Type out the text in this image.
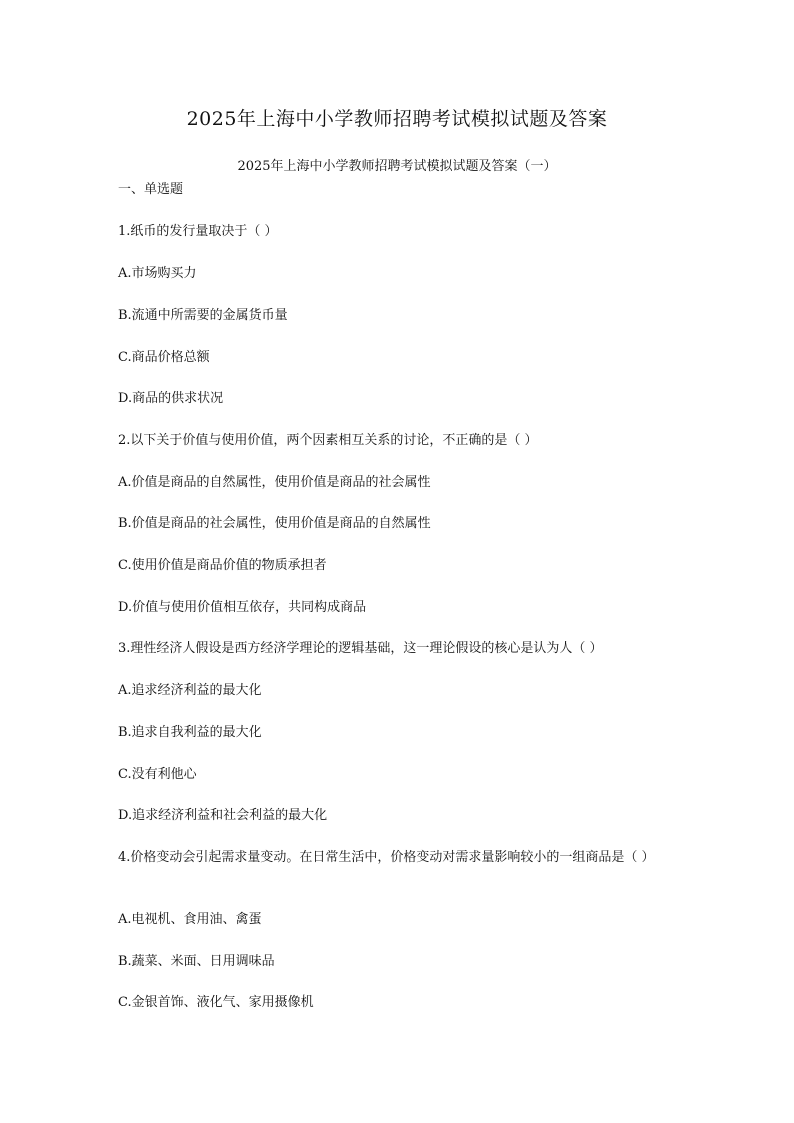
2025年上海中小学教师招聘考试模拟试题及答案
2025年上海中小学教师招聘考试模拟试题及答案（一）
一、单选题

1.纸币的发行量取决于（ ）

A.市场购买力

B.流通中所需要的金属货币量

C.商品价格总额

D.商品的供求状况

2.以下关于价值与使用价值，两个因素相互关系的讨论，不正确的是（ ）

A.价值是商品的自然属性，使用价值是商品的社会属性

B.价值是商品的社会属性，使用价值是商品的自然属性

C.使用价值是商品价值的物质承担者

D.价值与使用价值相互依存，共同构成商品

3.理性经济人假设是西方经济学理论的逻辑基础，这一理论假设的核心是认为人（ ）

A.追求经济利益的最大化

B.追求自我利益的最大化

C.没有利他心

D.追求经济利益和社会利益的最大化

4.价格变动会引起需求量变动。在日常生活中，价格变动对需求量影响较小的一组商品是（ ）

A.电视机、食用油、禽蛋

B.蔬菜、米面、日用调味品

C.金银首饰、液化气、家用摄像机
